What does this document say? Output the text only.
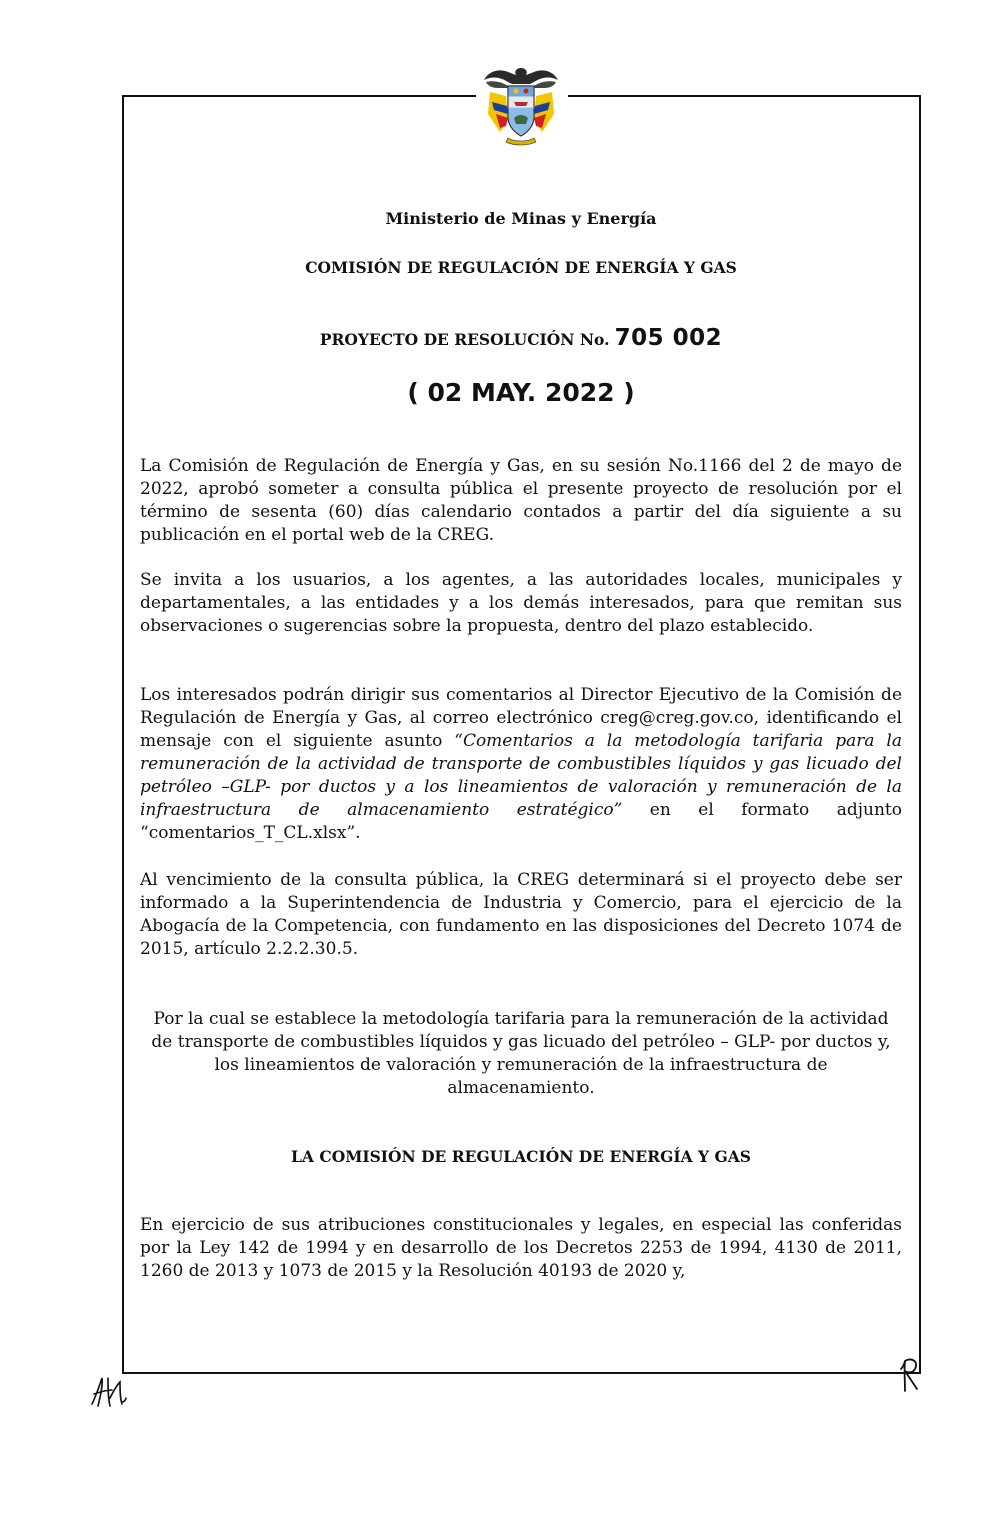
Ministerio de Minas y Energía
COMISIÓN DE REGULACIÓN DE ENERGÍA Y GAS
PROYECTO DE RESOLUCIÓN No. 705 002
( 02 MAY. 2022 )

La Comisión de Regulación de Energía y Gas, en su sesión No.1166 del 2 de mayo de 2022, aprobó someter a consulta pública el presente proyecto de resolución por el término de sesenta (60) días calendario contados a partir del día siguiente a su publicación en el portal web de la CREG.

Se invita a los usuarios, a los agentes, a las autoridades locales, municipales y departamentales, a las entidades y a los demás interesados, para que remitan sus observaciones o sugerencias sobre la propuesta, dentro del plazo establecido.

Los interesados podrán dirigir sus comentarios al Director Ejecutivo de la Comisión de Regulación de Energía y Gas, al correo electrónico creg@creg.gov.co, identificando el mensaje con el siguiente asunto “Comentarios a la metodología tarifaria para la remuneración de la actividad de transporte de combustibles líquidos y gas licuado del petróleo –GLP- por ductos y a los lineamientos de valoración y remuneración de la infraestructura de almacenamiento estratégico” en el formato adjunto “comentarios_T_CL.xlsx”.

Al vencimiento de la consulta pública, la CREG determinará si el proyecto debe ser informado a la Superintendencia de Industria y Comercio, para el ejercicio de la Abogacía de la Competencia, con fundamento en las disposiciones del Decreto 1074 de 2015, artículo 2.2.2.30.5.

Por la cual se establece la metodología tarifaria para la remuneración de la actividad de transporte de combustibles líquidos y gas licuado del petróleo – GLP- por ductos y, los lineamientos de valoración y remuneración de la infraestructura de almacenamiento.

LA COMISIÓN DE REGULACIÓN DE ENERGÍA Y GAS

En ejercicio de sus atribuciones constitucionales y legales, en especial las conferidas por la Ley 142 de 1994 y en desarrollo de los Decretos 2253 de 1994, 4130 de 2011, 1260 de 2013 y 1073 de 2015 y la Resolución 40193 de 2020 y,
